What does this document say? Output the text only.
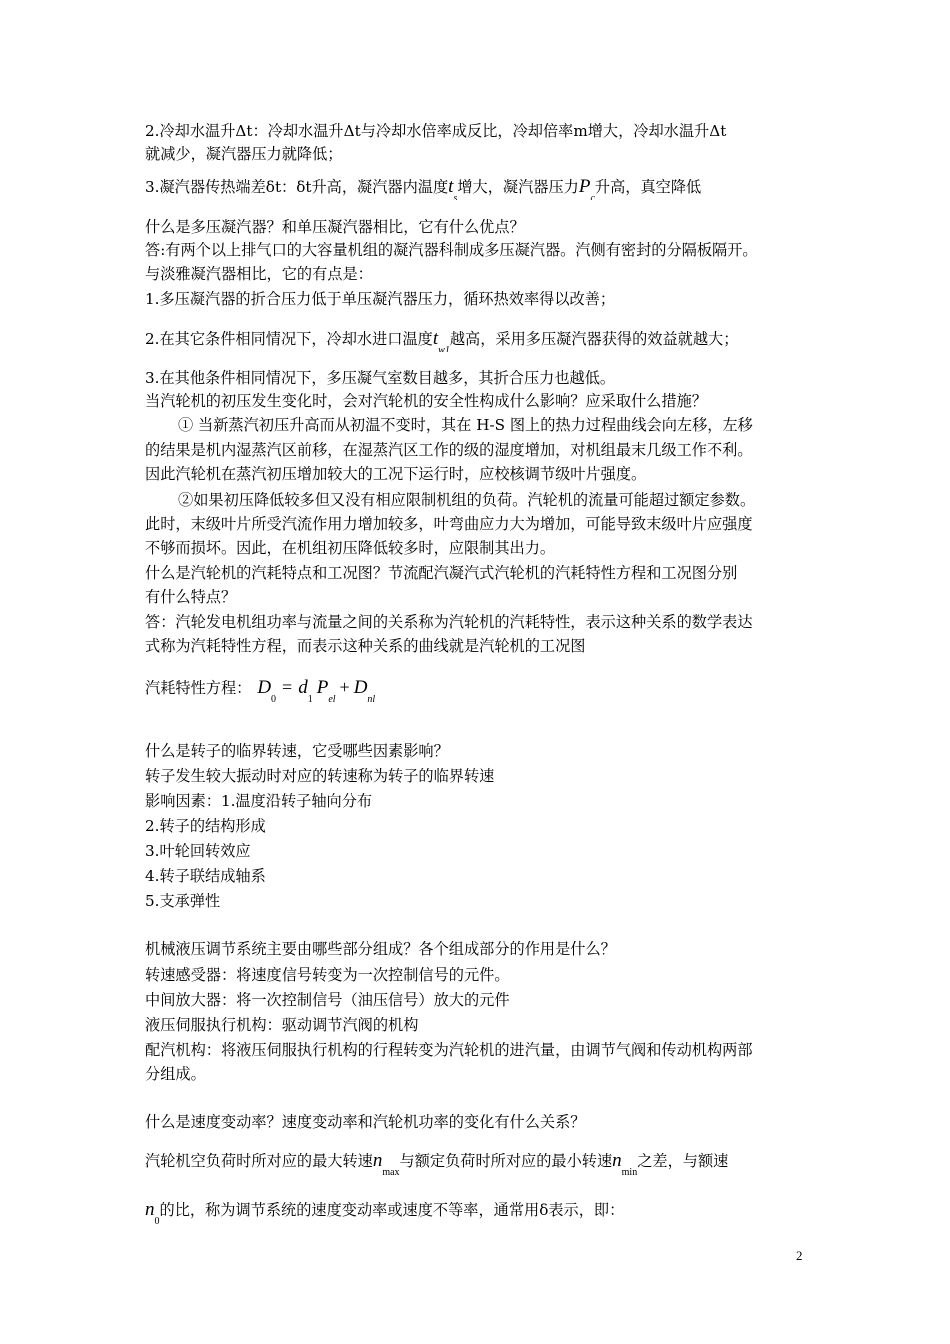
2.冷却水温升Δt：冷却水温升Δt与冷却水倍率成反比，冷却倍率m增大，冷却水温升Δt
就减少，凝汽器压力就降低；
3.凝汽器传热端差δt：δt升高，凝汽器内温度$t_s$增大，凝汽器压力$P_c$升高，真空降低
什么是多压凝汽器？和单压凝汽器相比，它有什么优点？
答:有两个以上排气口的大容量机组的凝汽器科制成多压凝汽器。汽侧有密封的分隔板隔开。
与淡雅凝汽器相比，它的有点是：
1.多压凝汽器的折合压力低于单压凝汽器压力，循环热效率得以改善；
2.在其它条件相同情况下，冷却水进口温度$t_{w1}$越高，采用多压凝汽器获得的效益就越大；
3.在其他条件相同情况下，多压凝气室数目越多，其折合压力也越低。
当汽轮机的初压发生变化时，会对汽轮机的安全性构成什么影响？应采取什么措施？
① 当新蒸汽初压升高而从初温不变时，其在 H-S 图上的热力过程曲线会向左移，左移
的结果是机内湿蒸汽区前移，在湿蒸汽区工作的级的湿度增加，对机组最末几级工作不利。
因此汽轮机在蒸汽初压增加较大的工况下运行时，应校核调节级叶片强度。
②如果初压降低较多但又没有相应限制机组的负荷。汽轮机的流量可能超过额定参数。
此时，末级叶片所受汽流作用力增加较多，叶弯曲应力大为增加，可能导致末级叶片应强度
不够而损坏。因此，在机组初压降低较多时，应限制其出力。
什么是汽轮机的汽耗特点和工况图？节流配汽凝汽式汽轮机的汽耗特性方程和工况图分别
有什么特点？
答：汽轮发电机组功率与流量之间的关系称为汽轮机的汽耗特性，表示这种关系的数学表达
式称为汽耗特性方程，而表示这种关系的曲线就是汽轮机的工况图
汽耗特性方程： $D_0= d_1P_{el}+ D_{nl}$
什么是转子的临界转速，它受哪些因素影响？
转子发生较大振动时对应的转速称为转子的临界转速
影响因素：1.温度沿转子轴向分布
2.转子的结构形成
3.叶轮回转效应
4.转子联结成轴系
5.支承弹性
机械液压调节系统主要由哪些部分组成？各个组成部分的作用是什么？
转速感受器：将速度信号转变为一次控制信号的元件。
中间放大器：将一次控制信号（油压信号）放大的元件
液压伺服执行机构：驱动调节汽阀的机构
配汽机构：将液压伺服执行机构的行程转变为汽轮机的进汽量，由调节气阀和传动机构两部
分组成。
什么是速度变动率？速度变动率和汽轮机功率的变化有什么关系？
汽轮机空负荷时所对应的最大转速$n_{max}$与额定负荷时所对应的最小转速$n_{min}$之差，与额速
$n_0$的比，称为调节系统的速度变动率或速度不等率，通常用δ表示，即：
2
